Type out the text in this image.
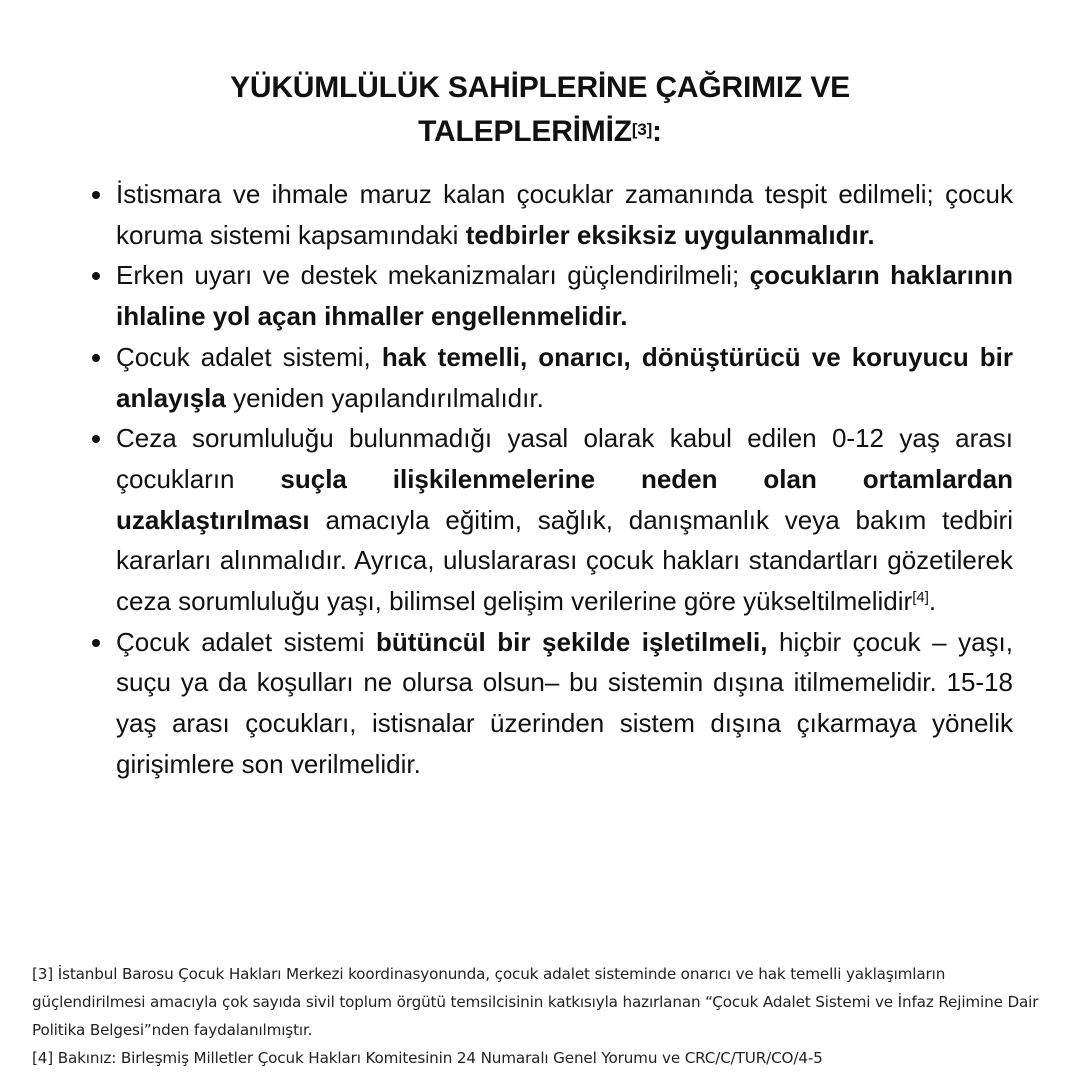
YÜKÜMLÜLÜK SAHİPLERİNE ÇAĞRIMIZ VE
TALEPLERİMİZ[3]:
İstismara ve ihmale maruz kalan çocuklar zamanında tespit edilmeli; çocuk koruma sistemi kapsamındaki tedbirler eksiksiz uygulanmalıdır.
Erken uyarı ve destek mekanizmaları güçlendirilmeli; çocukların haklarının ihlaline yol açan ihmaller engellenmelidir.
Çocuk adalet sistemi, hak temelli, onarıcı, dönüştürücü ve koruyucu bir anlayışla yeniden yapılandırılmalıdır.
Ceza sorumluluğu bulunmadığı yasal olarak kabul edilen 0-12 yaş arası çocukların suçla ilişkilenmelerine neden olan ortamlardan uzaklaştırılması amacıyla eğitim, sağlık, danışmanlık veya bakım tedbiri kararları alınmalıdır. Ayrıca, uluslararası çocuk hakları standartları gözetilerek ceza sorumluluğu yaşı, bilimsel gelişim verilerine göre yükseltilmelidir[4].
Çocuk adalet sistemi bütüncül bir şekilde işletilmeli, hiçbir çocuk – yaşı, suçu ya da koşulları ne olursa olsun– bu sistemin dışına itilmemelidir. 15-18 yaş arası çocukları, istisnalar üzerinden sistem dışına çıkarmaya yönelik girişimlere son verilmelidir.

[3] İstanbul Barosu Çocuk Hakları Merkezi koordinasyonunda, çocuk adalet sisteminde onarıcı ve hak temelli yaklaşımların güçlendirilmesi amacıyla çok sayıda sivil toplum örgütü temsilcisinin katkısıyla hazırlanan “Çocuk Adalet Sistemi ve İnfaz Rejimine Dair Politika Belgesi”nden faydalanılmıştır.

[4] Bakınız: Birleşmiş Milletler Çocuk Hakları Komitesinin 24 Numaralı Genel Yorumu ve CRC/C/TUR/CO/4-5
